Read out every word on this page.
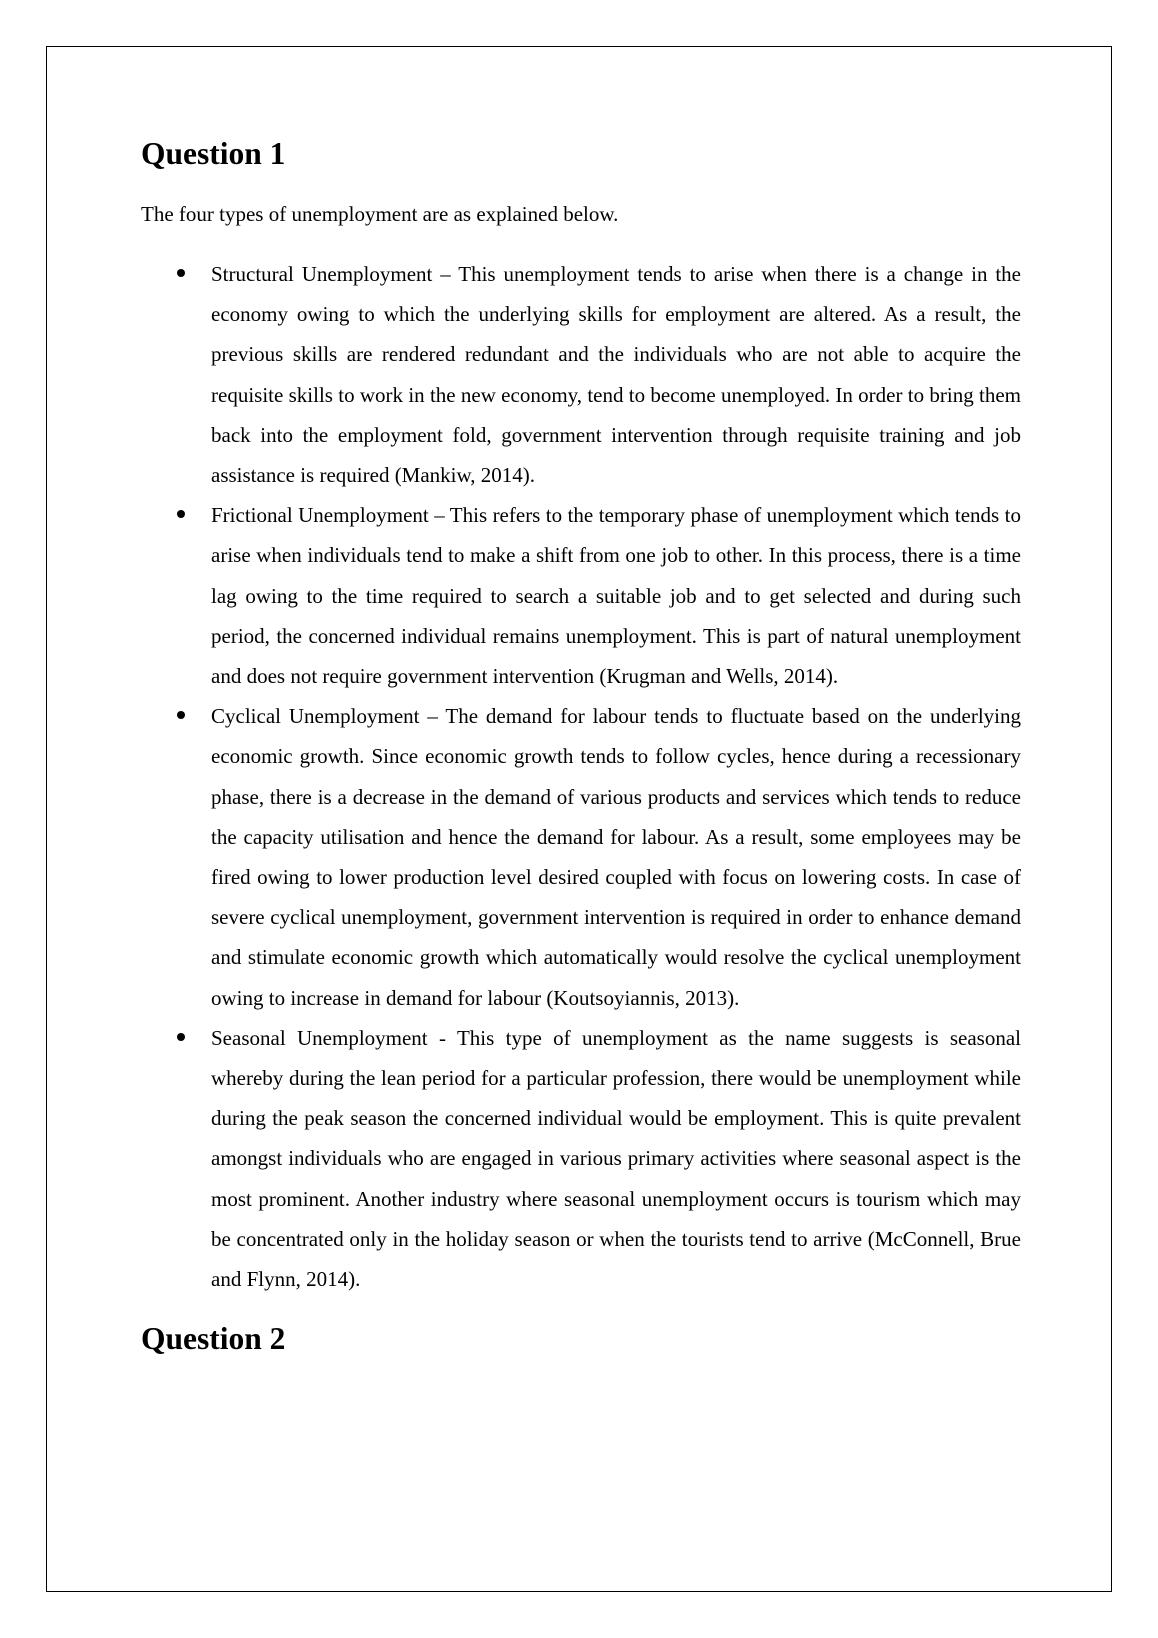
Question 1

The four types of unemployment are as explained below.

Structural Unemployment – This unemployment tends to arise when there is a change in the economy owing to which the underlying skills for employment are altered. As a result, the previous skills are rendered redundant and the individuals who are not able to acquire the requisite skills to work in the new economy, tend to become unemployed. In order to bring them back into the employment fold, government intervention through requisite training and job assistance is required (Mankiw, 2014).
Frictional Unemployment – This refers to the temporary phase of unemployment which tends to arise when individuals tend to make a shift from one job to other. In this process, there is a time lag owing to the time required to search a suitable job and to get selected and during such period, the concerned individual remains unemployment. This is part of natural unemployment and does not require government intervention (Krugman and Wells, 2014).
Cyclical Unemployment – The demand for labour tends to fluctuate based on the underlying economic growth. Since economic growth tends to follow cycles, hence during a recessionary phase, there is a decrease in the demand of various products and services which tends to reduce the capacity utilisation and hence the demand for labour. As a result, some employees may be fired owing to lower production level desired coupled with focus on lowering costs. In case of severe cyclical unemployment, government intervention is required in order to enhance demand and stimulate economic growth which automatically would resolve the cyclical unemployment owing to increase in demand for labour (Koutsoyiannis, 2013).
Seasonal Unemployment - This type of unemployment as the name suggests is seasonal whereby during the lean period for a particular profession, there would be unemployment while during the peak season the concerned individual would be employment. This is quite prevalent amongst individuals who are engaged in various primary activities where seasonal aspect is the most prominent. Another industry where seasonal unemployment occurs is tourism which may be concentrated only in the holiday season or when the tourists tend to arrive (McConnell, Brue and Flynn, 2014).
Question 2
